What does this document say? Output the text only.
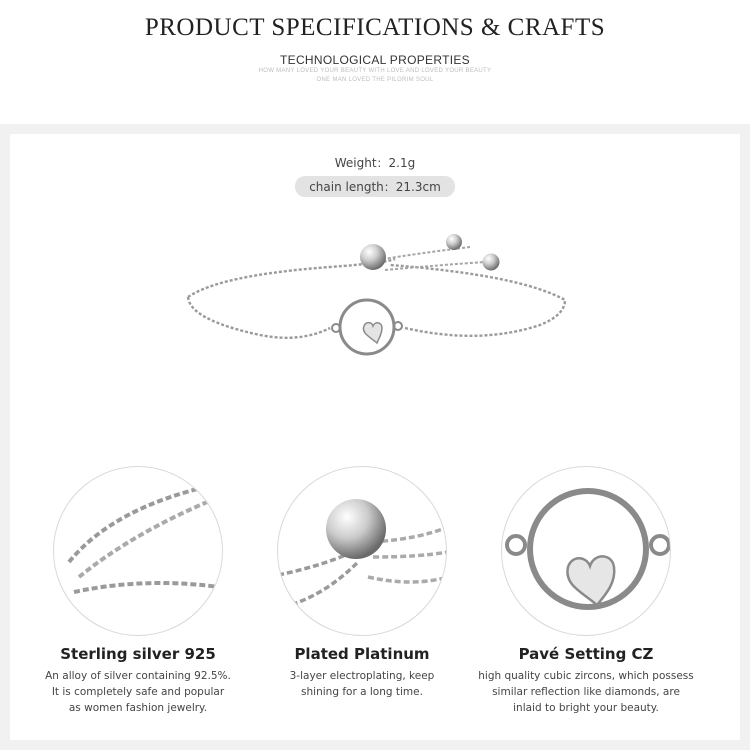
PRODUCT SPECIFICATIONS & CRAFTS
TECHNOLOGICAL PROPERTIES
HOW MANY LOVED YOUR BEAUTY WITH LOVE AND LOVED YOUR BEAUTY
ONE MAN LOVED THE PILGRIM SOUL
Weight：2.1g
chain length：21.3cm
Sterling silver 925
An alloy of silver containing 92.5%.
It is completely safe and popular
as women fashion jewelry.
Plated Platinum
3-layer electroplating, keep
shining for a long time.
Pavé Setting CZ
high quality cubic zircons, which possess
similar reflection like diamonds, are
inlaid to bright your beauty.
